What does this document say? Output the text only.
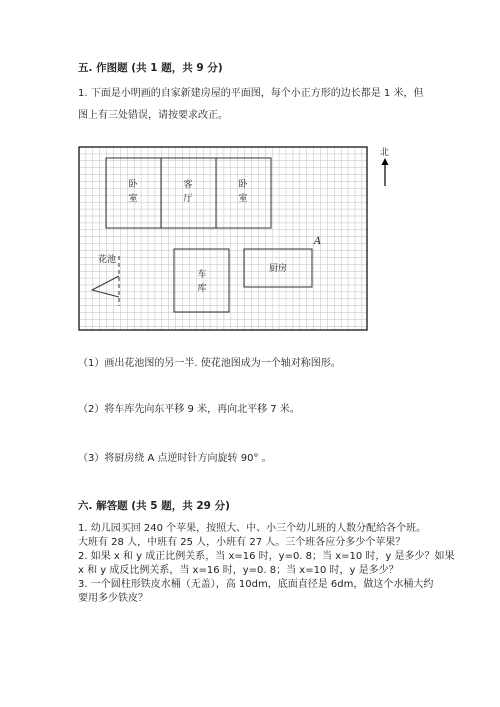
五. 作图题 (共 1 题，共 9 分)
1. 下面是小明画的自家新建房屋的平面图，每个小正方形的边长都是 1 米，但
图上有三处错误，请按要求改正。
卧
室
客
厅
卧
室
花池
车
库
厨房
A
北
（1）画出花池图的另一半. 使花池图成为一个轴对称图形。
（2）将车库先向东平移 9 米，再向北平移 7 米。
（3）将厨房绕 A 点逆时针方向旋转 90° 。
六. 解答题 (共 5 题，共 29 分)
1. 幼儿园买回 240 个苹果，按照大、中、小三个幼儿班的人数分配给各个班。
大班有 28 人，中班有 25 人，小班有 27 人。三个班各应分多少个苹果？
2. 如果 x 和 y 成正比例关系，当 x=16 时，y=0. 8；当 x=10 时，y 是多少？如果
x 和 y 成反比例关系，当 x=16 时，y=0. 8；当 x=10 时，y 是多少？
3. 一个圆柱形铁皮水桶（无盖），高 10dm，底面直径是 6dm，做这个水桶大约
要用多少铁皮？
